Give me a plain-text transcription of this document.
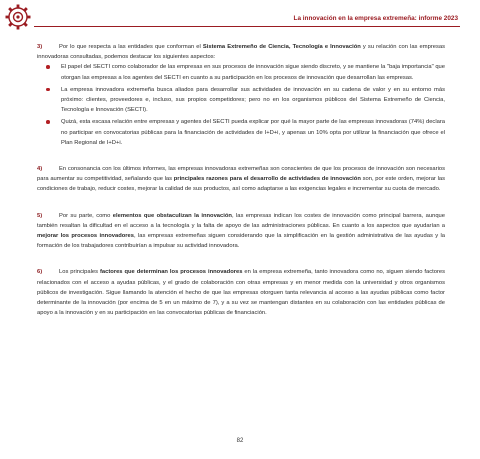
La innovación en la empresa extremeña: informe 2023

3)	Por lo que respecta a las entidades que conforman el Sistema Extremeño de Ciencia, Tecnología e Innovación y su relación con las empresas innovadoras consultadas, podemos destacar los siguientes aspectos:

El papel del SECTI como colaborador de las empresas en sus procesos de innovación sigue siendo discreto, y se mantiene la "baja importancia" que otorgan las empresas a los agentes del SECTI en cuanto a su participación en los procesos de innovación que desarrollan las empresas.
La empresa innovadora extremeña busca aliados para desarrollar sus actividades de innovación en su cadena de valor y en su entorno más próximo: clientes, proveedores e, incluso, sus propios competidores; pero no en los organismos públicos del Sistema Extremeño de Ciencia, Tecnología e Innovación (SECTI).
Quizá, esta escasa relación entre empresas y agentes del SECTI pueda explicar por qué la mayor parte de las empresas innovadoras (74%) declara no participar en convocatorias públicas para la financiación de actividades de I+D+i, y apenas un 10% opta por utilizar la financiación que ofrece el Plan Regional de I+D+i.

4)	En consonancia con los últimos informes, las empresas innovadoras extremeñas son conscientes de que los procesos de innovación son necesarios para aumentar su competitividad, señalando que las principales razones para el desarrollo de actividades de innovación son, por este orden, mejorar las condiciones de trabajo, reducir costes, mejorar la calidad de sus productos, así como adaptarse a las exigencias legales e incrementar su cuota de mercado.

5)	Por su parte, como elementos que obstaculizan la innovación, las empresas indican los costes de innovación como principal barrera, aunque también resaltan la dificultad en el acceso a la tecnología y la falta de apoyo de las administraciones públicas. En cuanto a los aspectos que ayudarían a mejorar los procesos innovadores, las empresas extremeñas siguen considerando que la simplificación en la gestión administrativa de las ayudas y la formación de los trabajadores contribuirían a impulsar su actividad innovadora.

6)	Los principales factores que determinan los procesos innovadores en la empresa extremeña, tanto innovadora como no, siguen siendo factores relacionados con el acceso a ayudas públicas, y el grado de colaboración con otras empresas y en menor medida con la universidad y otros organismos públicos de investigación. Sigue llamando la atención el hecho de que las empresas otorguen tanta relevancia al acceso a las ayudas públicas como factor determinante de la innovación (por encima de 5 en un máximo de 7), y a su vez se mantengan distantes en su colaboración con las entidades públicas de apoyo a la innovación y en su participación en las convocatorias públicas de financiación.

82
